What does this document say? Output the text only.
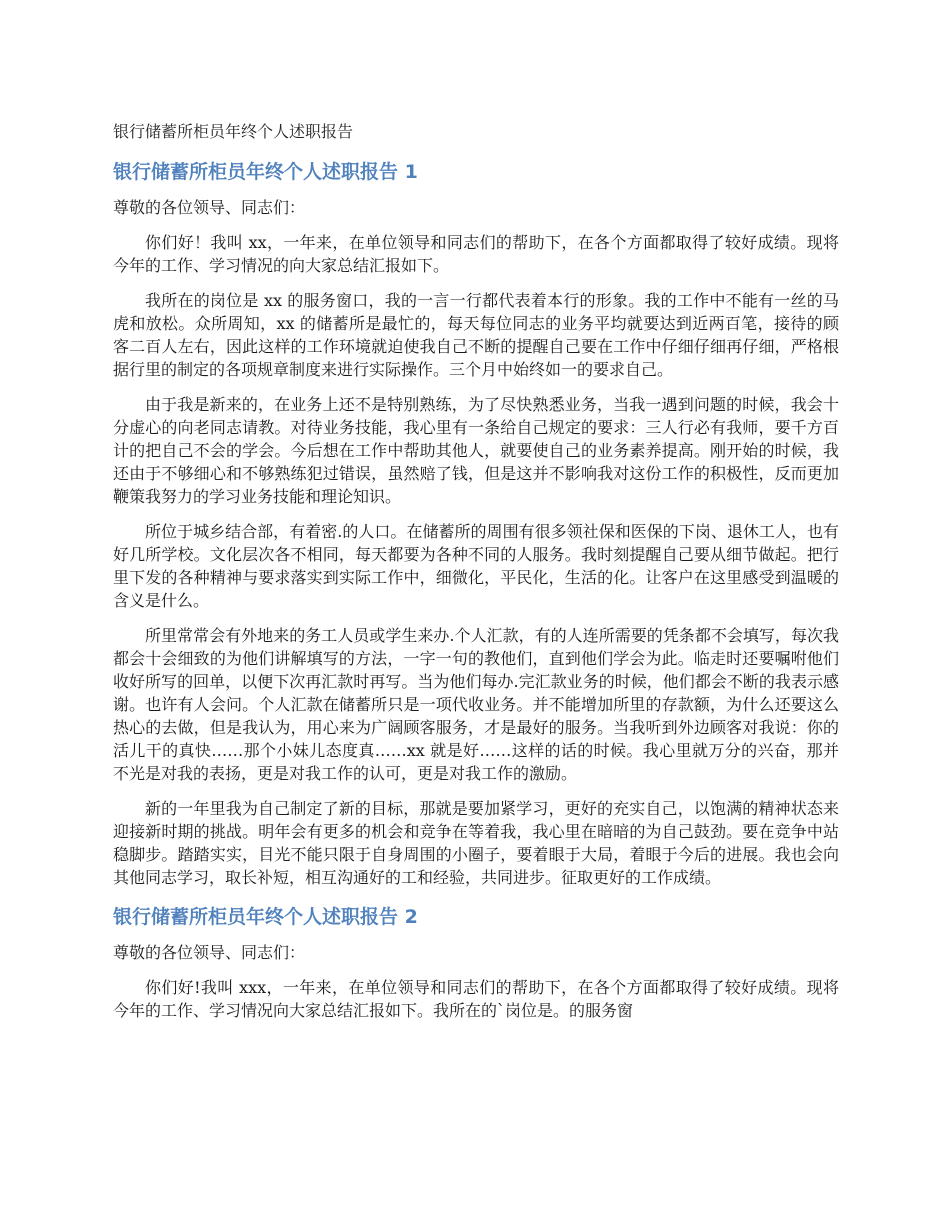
银行储蓄所柜员年终个人述职报告
银行储蓄所柜员年终个人述职报告 1
尊敬的各位领导、同志们：

你们好！我叫 xx，一年来，在单位领导和同志们的帮助下，在各个方面都取得了较好成绩。现将今年的工作、学习情况的向大家总结汇报如下。

我所在的岗位是 xx 的服务窗口，我的一言一行都代表着本行的形象。我的工作中不能有一丝的马虎和放松。众所周知，xx 的储蓄所是最忙的，每天每位同志的业务平均就要达到近两百笔，接待的顾客二百人左右，因此这样的工作环境就迫使我自己不断的提醒自己要在工作中仔细仔细再仔细，严格根据行里的制定的各项规章制度来进行实际操作。三个月中始终如一的要求自己。

由于我是新来的，在业务上还不是特别熟练，为了尽快熟悉业务，当我一遇到问题的时候，我会十分虚心的向老同志请教。对待业务技能，我心里有一条给自己规定的要求：三人行必有我师，要千方百计的把自己不会的学会。今后想在工作中帮助其他人，就要使自己的业务素养提高。刚开始的时候，我还由于不够细心和不够熟练犯过错误，虽然赔了钱，但是这并不影响我对这份工作的积极性，反而更加鞭策我努力的学习业务技能和理论知识。

所位于城乡结合部，有着密.的人口。在储蓄所的周围有很多领社保和医保的下岗、退休工人，也有好几所学校。文化层次各不相同，每天都要为各种不同的人服务。我时刻提醒自己要从细节做起。把行里下发的各种精神与要求落实到实际工作中，细微化，平民化，生活的化。让客户在这里感受到温暖的含义是什么。

所里常常会有外地来的务工人员或学生来办.个人汇款，有的人连所需要的凭条都不会填写，每次我都会十会细致的为他们讲解填写的方法，一字一句的教他们，直到他们学会为此。临走时还要嘱咐他们收好所写的回单，以便下次再汇款时再写。当为他们每办.完汇款业务的时候，他们都会不断的我表示感谢。也许有人会问。个人汇款在储蓄所只是一项代收业务。并不能增加所里的存款额，为什么还要这么热心的去做，但是我认为，用心来为广阔顾客服务，才是最好的服务。当我听到外边顾客对我说：你的活儿干的真快……那个小妹儿态度真……xx 就是好……这样的话的时候。我心里就万分的兴奋，那并不光是对我的表扬，更是对我工作的认可，更是对我工作的激励。

新的一年里我为自己制定了新的目标，那就是要加紧学习，更好的充实自己，以饱满的精神状态来迎接新时期的挑战。明年会有更多的机会和竞争在等着我，我心里在暗暗的为自己鼓劲。要在竞争中站稳脚步。踏踏实实，目光不能只限于自身周围的小圈子，要着眼于大局，着眼于今后的进展。我也会向其他同志学习，取长补短，相互沟通好的工和经验，共同进步。征取更好的工作成绩。

银行储蓄所柜员年终个人述职报告 2
尊敬的各位领导、同志们：

你们好!我叫 xxx，一年来，在单位领导和同志们的帮助下，在各个方面都取得了较好成绩。现将今年的工作、学习情况向大家总结汇报如下。我所在的`岗位是。的服务窗
